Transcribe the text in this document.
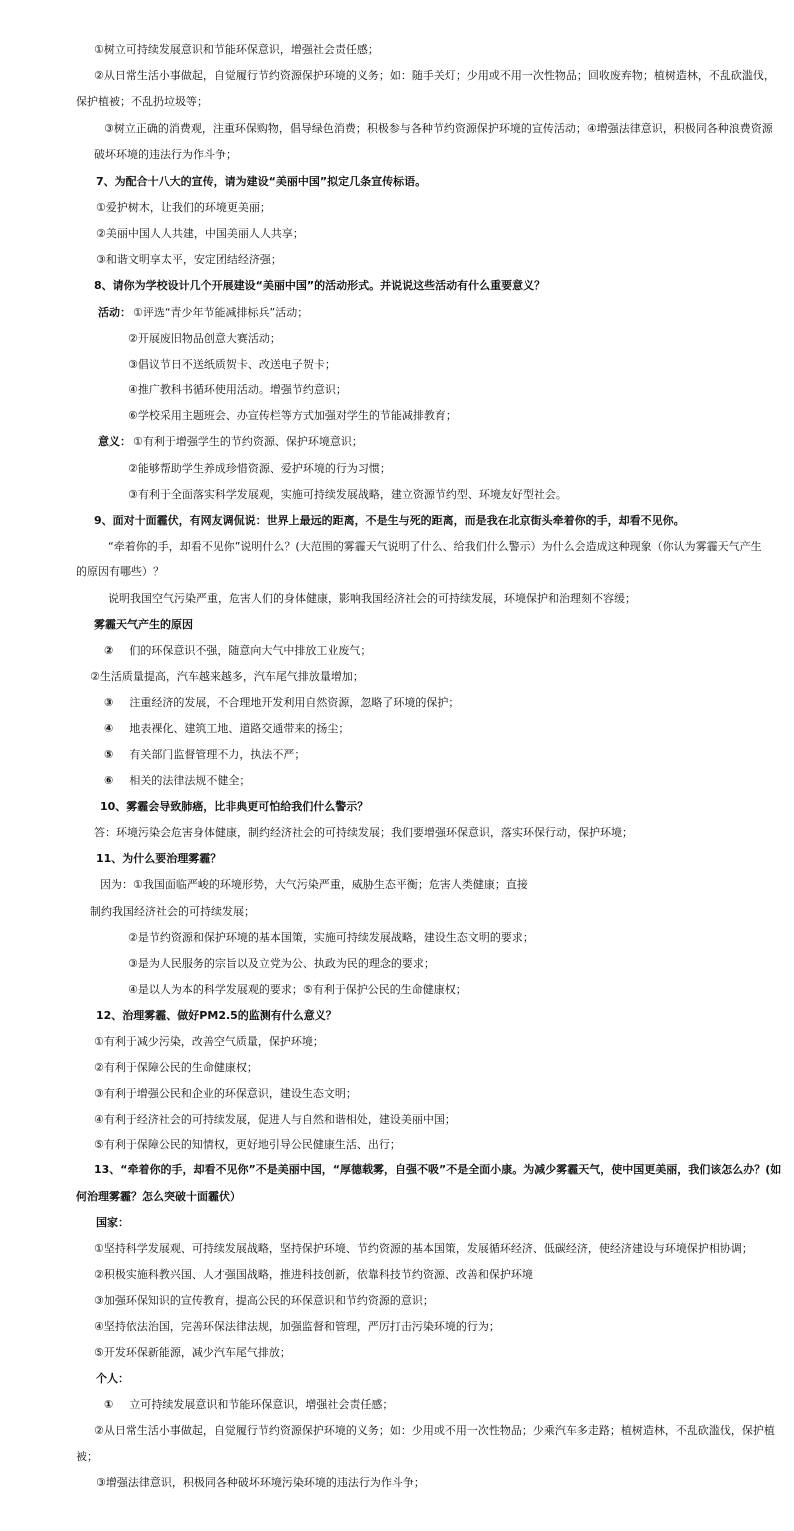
①树立可持续发展意识和节能环保意识，增强社会责任感；
②从日常生活小事做起，自觉履行节约资源保护环境的义务；如：随手关灯；少用或不用一次性物品；回收废弃物；植树造林，不乱砍滥伐，
保护植被；不乱扔垃圾等；
③树立正确的消费观，注重环保购物，倡导绿色消费；积极参与各种节约资源保护环境的宣传活动；④增强法律意识，积极同各种浪费资源
破坏环境的违法行为作斗争；
7、为配合十八大的宣传，请为建设“美丽中国”拟定几条宣传标语。
①爱护树木，让我们的环境更美丽；
②美丽中国人人共建，中国美丽人人共享；
③和谐文明享太平，安定团结经济强；
8、请你为学校设计几个开展建设“美丽中国”的活动形式。并说说这些活动有什么重要意义？
活动： ①评选“青少年节能减排标兵”活动；
②开展废旧物品创意大赛活动；
③倡议节日不送纸质贺卡、改送电子贺卡；
④推广教科书循环使用活动。增强节约意识；
⑥学校采用主题班会、办宣传栏等方式加强对学生的节能减排教育；
意义： ①有利于增强学生的节约资源、保护环境意识；
②能够帮助学生养成珍惜资源、爱护环境的行为习惯；
③有利于全面落实科学发展观，实施可持续发展战略，建立资源节约型、环境友好型社会。
9、面对十面霾伏，有网友调侃说：世界上最远的距离，不是生与死的距离，而是我在北京街头牵着你的手，却看不见你。
“牵着你的手，却看不见你”说明什么？(大范围的雾霾天气说明了什么、给我们什么警示）为什么会造成这种现象（你认为雾霾天气产生
的原因有哪些）？
说明我国空气污染严重，危害人们的身体健康，影响我国经济社会的可持续发展，环境保护和治理刻不容缓；
雾霾天气产生的原因
② 们的环保意识不强，随意向大气中排放工业废气；
②生活质量提高，汽车越来越多，汽车尾气排放量增加；
③ 注重经济的发展，不合理地开发利用自然资源，忽略了环境的保护；
④ 地表裸化、建筑工地、道路交通带来的扬尘；
⑤ 有关部门监督管理不力，执法不严；
⑥ 相关的法律法规不健全；
10、雾霾会导致肺癌，比非典更可怕给我们什么警示？
答：环境污染会危害身体健康，制约经济社会的可持续发展；我们要增强环保意识，落实环保行动，保护环境；
11、为什么要治理雾霾？
因为：①我国面临严峻的环境形势，大气污染严重，威胁生态平衡；危害人类健康；直接
制约我国经济社会的可持续发展；
②是节约资源和保护环境的基本国策，实施可持续发展战略，建设生态文明的要求；
③是为人民服务的宗旨以及立党为公、执政为民的理念的要求；
④是以人为本的科学发展观的要求；⑤有利于保护公民的生命健康权；
12、治理雾霾、做好PM2.5的监测有什么意义？
①有利于减少污染，改善空气质量，保护环境；
②有利于保障公民的生命健康权；
③有利于增强公民和企业的环保意识，建设生态文明；
④有利于经济社会的可持续发展，促进人与自然和谐相处，建设美丽中国；
⑤有利于保障公民的知情权，更好地引导公民健康生活、出行；
13、“牵着你的手，却看不见你”不是美丽中国，“厚德载雾，自强不吸”不是全面小康。为减少雾霾天气，使中国更美丽，我们该怎么办？(如
何治理雾霾？怎么突破十面霾伏）
国家：
①坚持科学发展观、可持续发展战略，坚持保护环境、节约资源的基本国策，发展循环经济、低碳经济，使经济建设与环境保护相协调；
②积极实施科教兴国、人才强国战略，推进科技创新，依靠科技节约资源、改善和保护环境
③加强环保知识的宣传教育，提高公民的环保意识和节约资源的意识；
④坚持依法治国，完善环保法律法规，加强监督和管理，严厉打击污染环境的行为；
⑤开发环保新能源，减少汽车尾气排放；
个人：
① 立可持续发展意识和节能环保意识，增强社会责任感；
②从日常生活小事做起，自觉履行节约资源保护环境的义务；如：少用或不用一次性物品；少乘汽车多走路；植树造林，不乱砍滥伐，保护植
被；
③增强法律意识，积极同各种破坏环境污染环境的违法行为作斗争；
